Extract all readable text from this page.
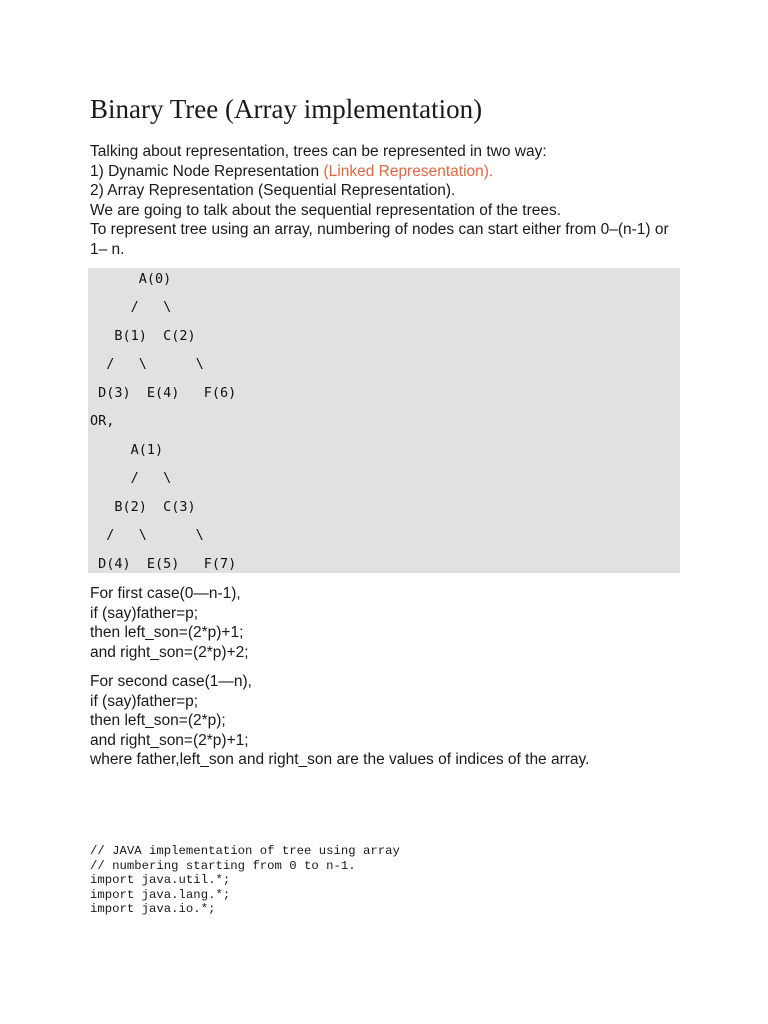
Binary Tree (Array implementation)

Talking about representation, trees can be represented in two way:

1) Dynamic Node Representation (Linked Representation).

2) Array Representation (Sequential Representation).

We are going to talk about the sequential representation of the trees.

To represent tree using an array, numbering of nodes can start either from 0–(n-1) or 1– n.

A(0)
/   \
B(1)  C(2)
/   \      \
D(3)  E(4)   F(6)
OR,
A(1)
/   \
B(2)  C(3)
/   \      \
D(4)  E(5)   F(7)

For first case(0—n-1),

if (say)father=p;

then left_son=(2*p)+1;

and right_son=(2*p)+2;

For second case(1—n),

if (say)father=p;

then left_son=(2*p);

and right_son=(2*p)+1;

where father,left_son and right_son are the values of indices of the array.

// JAVA implementation of tree using array

// numbering starting from 0 to n-1.

import java.util.*;

import java.lang.*;

import java.io.*;
